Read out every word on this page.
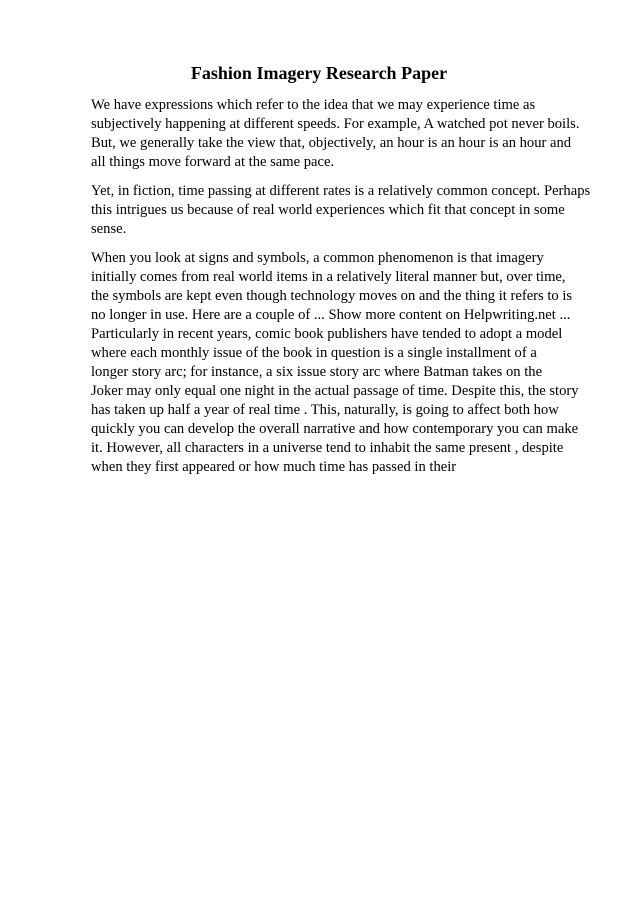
Fashion Imagery Research Paper

We have expressions which refer to the idea that we may experience time as
subjectively happening at different speeds. For example, A watched pot never boils.
But, we generally take the view that, objectively, an hour is an hour is an hour and
all things move forward at the same pace.

Yet, in fiction, time passing at different rates is a relatively common concept. Perhaps
this intrigues us because of real world experiences which fit that concept in some
sense.

When you look at signs and symbols, a common phenomenon is that imagery
initially comes from real world items in a relatively literal manner but, over time,
the symbols are kept even though technology moves on and the thing it refers to is
no longer in use. Here are a couple of ... Show more content on Helpwriting.net ...
Particularly in recent years, comic book publishers have tended to adopt a model
where each monthly issue of the book in question is a single installment of a
longer story arc; for instance, a six issue story arc where Batman takes on the
Joker may only equal one night in the actual passage of time. Despite this, the story
has taken up half a year of real time . This, naturally, is going to affect both how
quickly you can develop the overall narrative and how contemporary you can make
it. However, all characters in a universe tend to inhabit the same present , despite
when they first appeared or how much time has passed in their
